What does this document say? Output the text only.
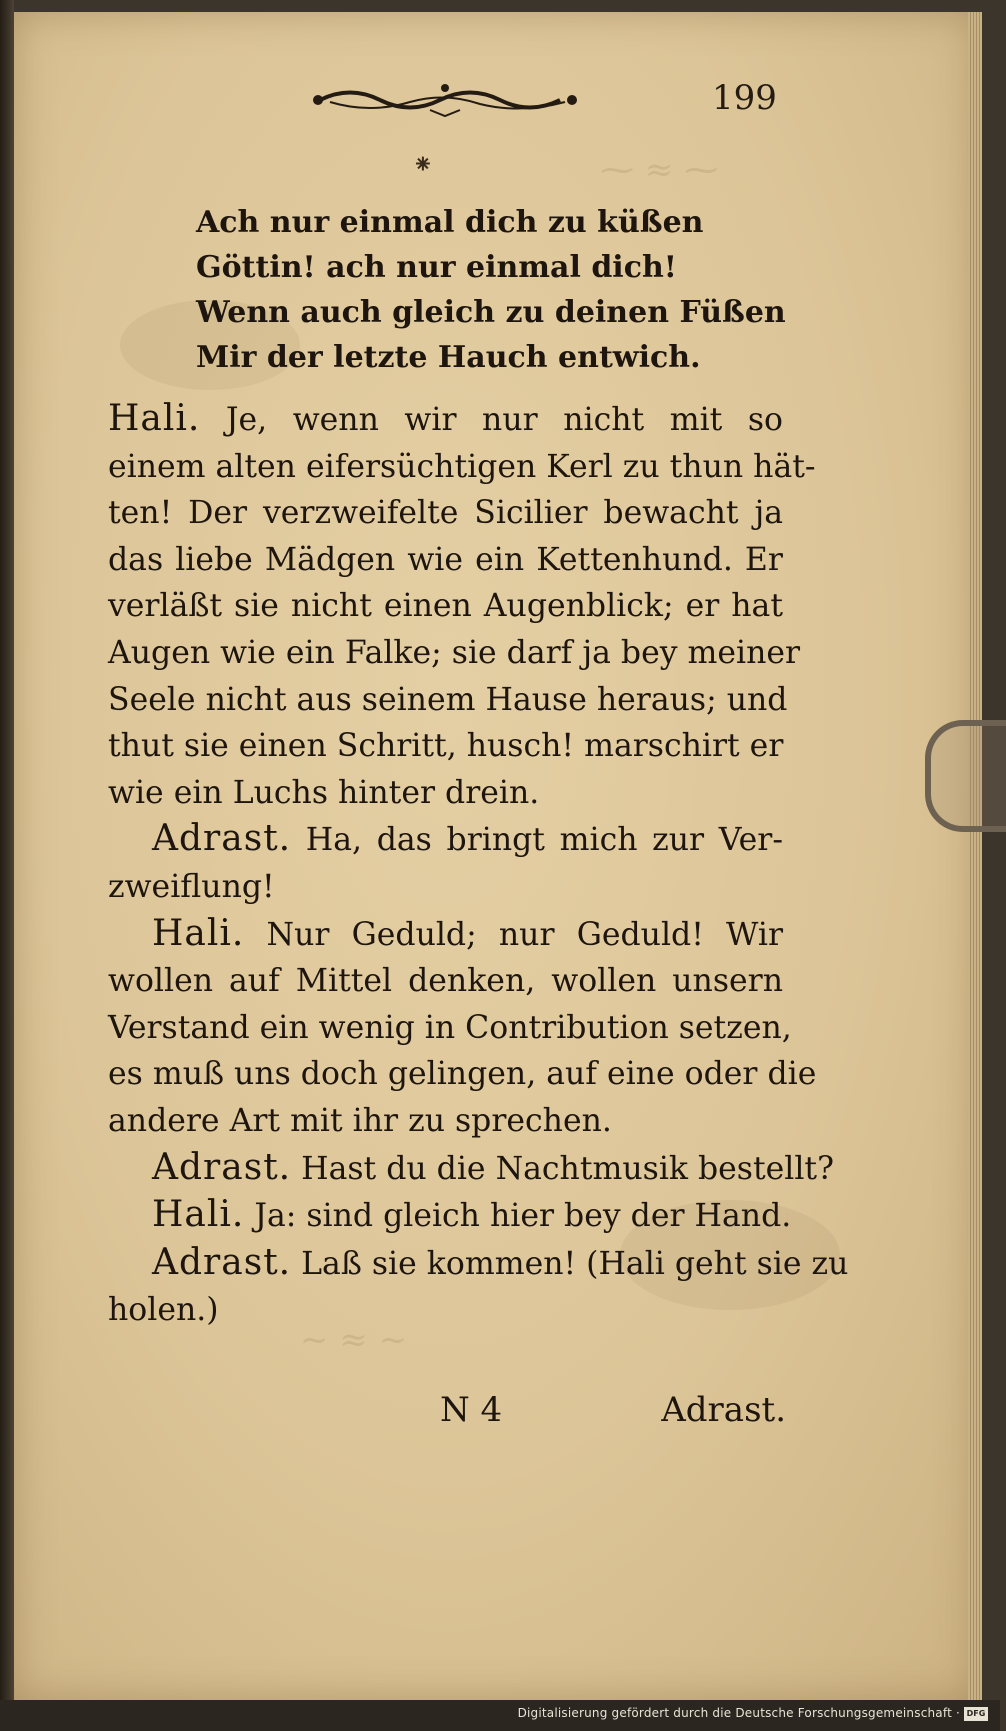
⁓ ≈ ⁓
~ ≈ ~
199
⁕
Ach nur einmal dich zu küßen
Göttin! ach nur einmal dich!
Wenn auch gleich zu deinen Füßen
Mir der letzte Hauch entwich.
Hali. Je, wenn wir nur nicht mit so
einem alten eifersüchtigen Kerl zu thun hät-
ten! Der verzweifelte Sicilier bewacht ja
das liebe Mädgen wie ein Kettenhund. Er
verläßt sie nicht einen Augenblick; er hat
Augen wie ein Falke; sie darf ja bey meiner
Seele nicht aus seinem Hause heraus; und
thut sie einen Schritt, husch! marschirt er
wie ein Luchs hinter drein.
Adrast. Ha, das bringt mich zur Ver-
zweiflung!
Hali. Nur Geduld; nur Geduld! Wir
wollen auf Mittel denken, wollen unsern
Verstand ein wenig in Contribution setzen,
es muß uns doch gelingen, auf eine oder die
andere Art mit ihr zu sprechen.
Adrast. Hast du die Nachtmusik bestellt?
Hali. Ja: sind gleich hier bey der Hand.
Adrast. Laß sie kommen! (Hali geht sie zu
holen.)
N 4	Adrast.
Digitalisierung gefördert durch die Deutsche Forschungsgemeinschaft · DFG
